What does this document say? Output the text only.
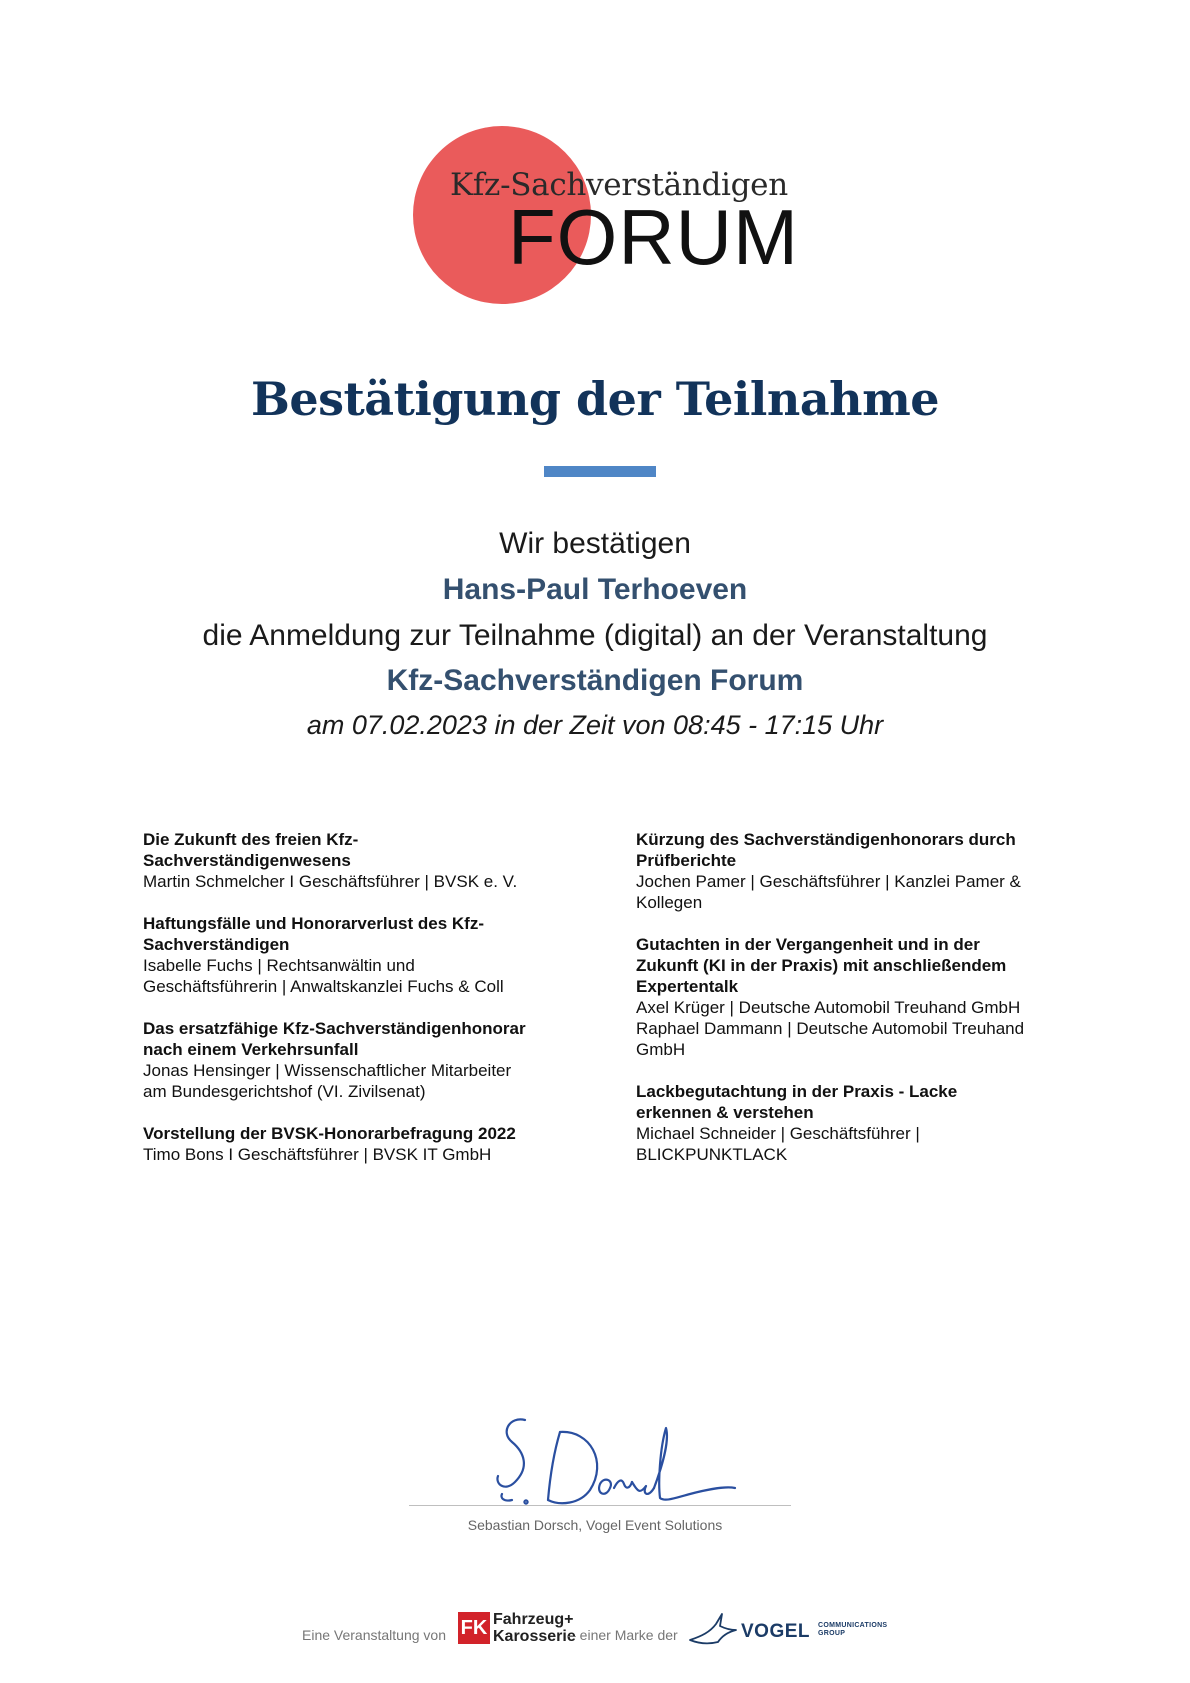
Kfz-Sachverständigen
FORUM
Bestätigung der Teilnahme
Wir bestätigen
Hans-Paul Terhoeven
die Anmeldung zur Teilnahme (digital) an der Veranstaltung
Kfz-Sachverständigen Forum
am 07.02.2023 in der Zeit von 08:45 - 17:15 Uhr
Die Zukunft des freien Kfz-
Sachverständigenwesens
Martin Schmelcher I Geschäftsführer | BVSK e. V.
Haftungsfälle und Honorarverlust des Kfz-
Sachverständigen
Isabelle Fuchs | Rechtsanwältin und
Geschäftsführerin | Anwaltskanzlei Fuchs & Coll
Das ersatzfähige Kfz-Sachverständigenhonorar
nach einem Verkehrsunfall
Jonas Hensinger | Wissenschaftlicher Mitarbeiter
am Bundesgerichtshof (VI. Zivilsenat)
Vorstellung der BVSK-Honorarbefragung 2022
Timo Bons I Geschäftsführer | BVSK IT GmbH
Kürzung des Sachverständigenhonorars durch
Prüfberichte
Jochen Pamer | Geschäftsführer | Kanzlei Pamer &
Kollegen
Gutachten in der Vergangenheit und in der
Zukunft (KI in der Praxis) mit anschließendem
Expertentalk
Axel Krüger | Deutsche Automobil Treuhand GmbH
Raphael Dammann | Deutsche Automobil Treuhand
GmbH
Lackbegutachtung in der Praxis - Lacke
erkennen & verstehen
Michael Schneider | Geschäftsführer |
BLICKPUNKTLACK
Sebastian Dorsch, Vogel Event Solutions
Eine Veranstaltung von FK Fahrzeug+
Karosserie
– einer Marke der	VOGEL COMMUNICATIONS
GROUP
